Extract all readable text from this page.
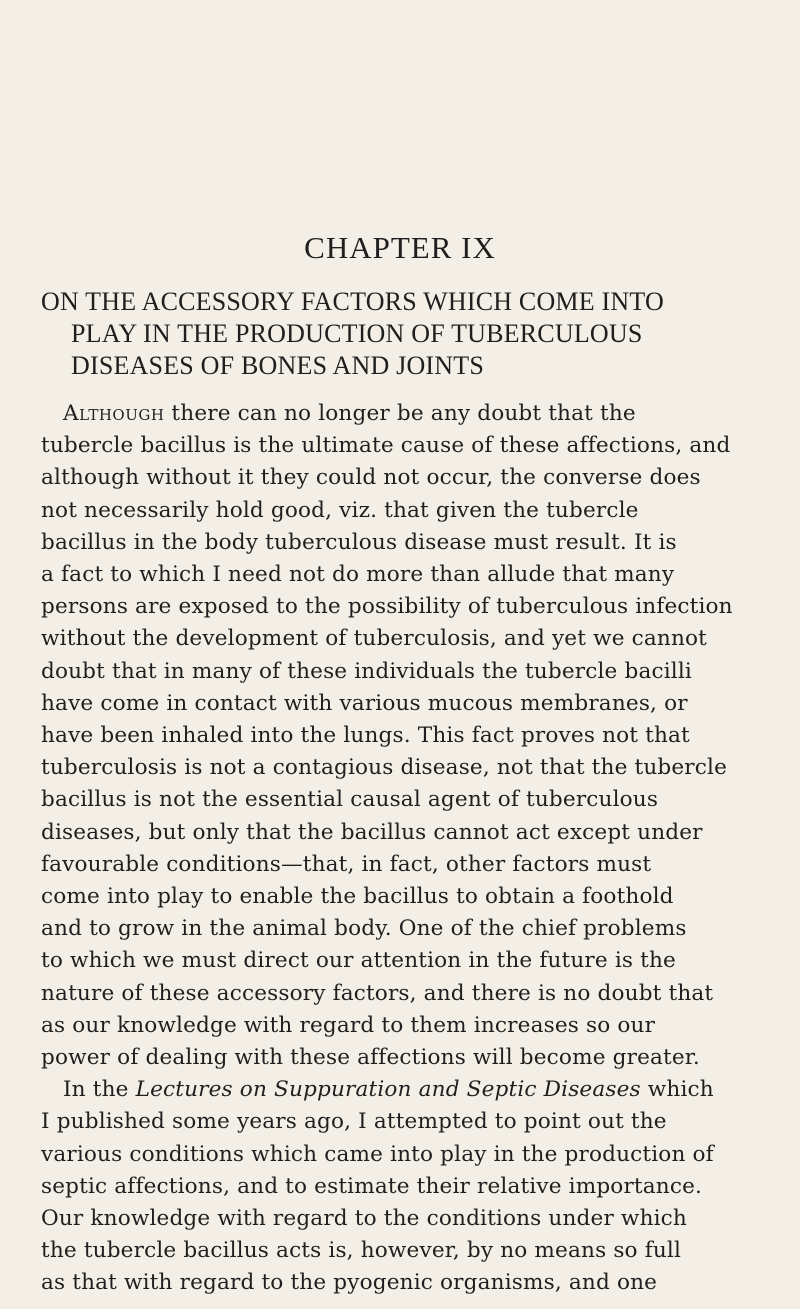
CHAPTER IX
ON THE ACCESSORY FACTORS WHICH COME INTO
PLAY IN THE PRODUCTION OF TUBERCULOUS
DISEASES OF BONES AND JOINTS
Although there can no longer be any doubt that the
tubercle bacillus is the ultimate cause of these affections, and
although without it they could not occur, the converse does
not necessarily hold good, viz. that given the tubercle
bacillus in the body tuberculous disease must result. It is
a fact to which I need not do more than allude that many
persons are exposed to the possibility of tuberculous infection
without the development of tuberculosis, and yet we cannot
doubt that in many of these individuals the tubercle bacilli
have come in contact with various mucous membranes, or
have been inhaled into the lungs. This fact proves not that
tuberculosis is not a contagious disease, not that the tubercle
bacillus is not the essential causal agent of tuberculous
diseases, but only that the bacillus cannot act except under
favourable conditions—that, in fact, other factors must
come into play to enable the bacillus to obtain a foothold
and to grow in the animal body. One of the chief problems
to which we must direct our attention in the future is the
nature of these accessory factors, and there is no doubt that
as our knowledge with regard to them increases so our
power of dealing with these affections will become greater.
In the Lectures on Suppuration and Septic Diseases which
I published some years ago, I attempted to point out the
various conditions which came into play in the production of
septic affections, and to estimate their relative importance.
Our knowledge with regard to the conditions under which
the tubercle bacillus acts is, however, by no means so full
as that with regard to the pyogenic organisms, and one
